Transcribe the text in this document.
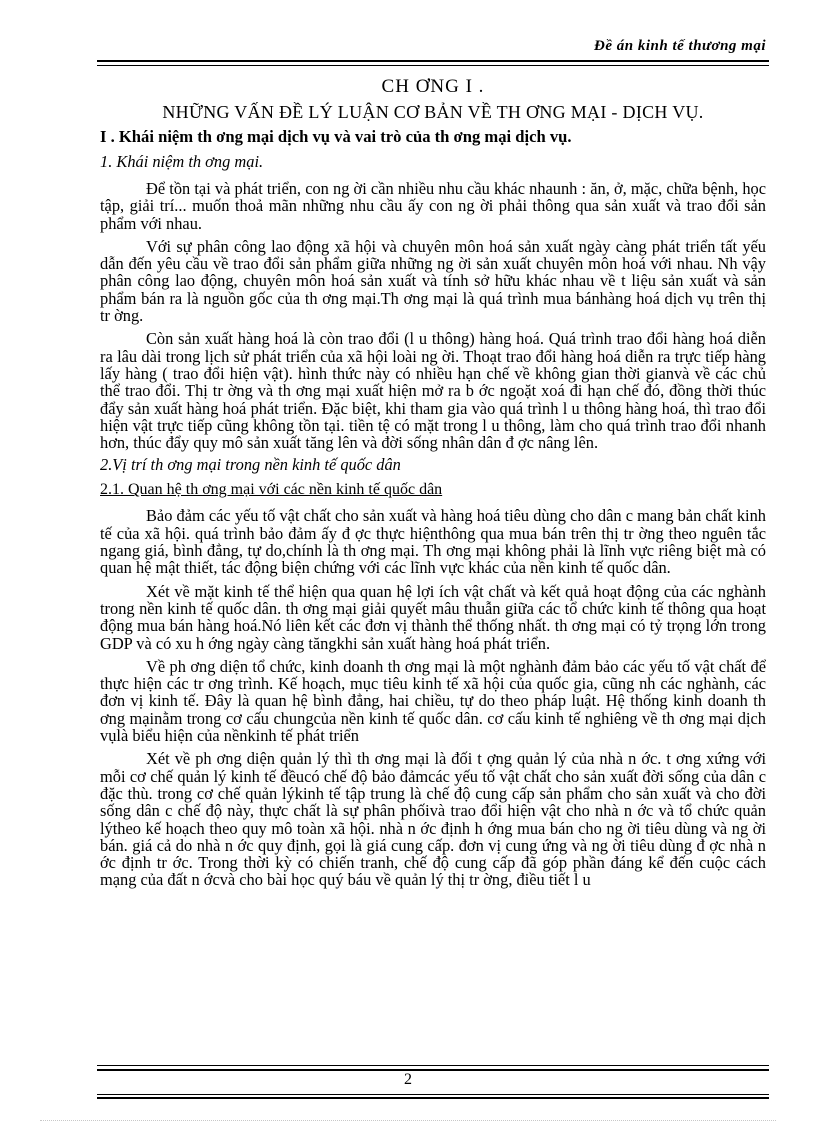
Đề án kinh tế thương mại
CH ƠNG I .
NHỮNG VẤN ĐỀ LÝ LUẬN CƠ BẢN VỀ TH ƠNG MẠI - DỊCH VỤ.
I . Khái niệm th ơng mại dịch vụ và vai trò của th ơng mại dịch vụ.
1. Khái niệm th ơng mại.

Để tồn tại và phát triển, con ng ời cần nhiều nhu cầu khác nhaunh : ăn, ở, mặc, chữa bệnh, học tập, giải trí... muốn thoả mãn những nhu cầu ấy con ng ời phải thông qua sản xuất và trao đổi sản phẩm với nhau.

Với sự phân công lao động xã hội và chuyên môn hoá sản xuất ngày càng phát triển tất yếu dẫn đến yêu cầu về trao đổi sản phẩm giữa những ng ời sản xuất chuyên môn hoá với nhau. Nh vậy phân công lao động, chuyên môn hoá sản xuất và tính sở hữu khác nhau về t liệu sản xuất và sản phẩm bán ra là nguồn gốc của th ơng mại.Th ơng mại là quá trình mua bánhàng hoá dịch vụ trên thị tr ờng.

Còn sản xuất hàng hoá là còn trao đổi (l u thông) hàng hoá. Quá trình trao đổi hàng hoá diễn ra lâu dài trong lịch sử phát triển của xã hội loài ng ời. Thoạt trao đổi hàng hoá diễn ra trực tiếp hàng lấy hàng ( trao đổi hiện vật). hình thức này có nhiều hạn chế về không gian thời gianvà về các chủ thể trao đổi. Thị tr ờng và th ơng mại xuất hiện mở ra b ớc ngoặt xoá đi hạn chế đó, đồng thời thúc đẩy sản xuất hàng hoá phát triển. Đặc biệt, khi tham gia vào quá trình l u thông hàng hoá, thì trao đổi hiện vật trực tiếp cũng không tồn tại. tiền tệ có mặt trong l u thông, làm cho quá trình trao đổi nhanh hơn, thúc đẩy quy mô sản xuất tăng lên và đời sống nhân dân đ ợc nâng lên.

2.Vị trí th ơng mại trong nền kinh tế quốc dân
2.1. Quan hệ th ơng mại với các nền kinh tế quốc dân

Bảo đảm các yếu tố vật chất cho sản xuất và hàng hoá tiêu dùng cho dân c mang bản chất kinh tế của xã hội. quá trình bảo đảm ấy đ ợc thực hiệnthông qua mua bán trên thị tr ờng theo nguên tắc ngang giá, bình đẳng, tự do,chính là th ơng mại. Th ơng mại không phải là lĩnh vực riêng biệt mà có quan hệ mật thiết, tác động biện chứng với các lĩnh vực khác của nền kinh tế quốc dân.

Xét về mặt kinh tế thể hiện qua quan hệ lợi ích vật chất và kết quả hoạt động của các nghành trong nền kinh tế quốc dân. th ơng mại giải quyết mâu thuẫn giữa các tổ chức kinh tế thông qua hoạt động mua bán hàng hoá.Nó liên kết các đơn vị thành thể thống nhất. th ơng mại có tỷ trọng lớn trong GDP và có xu h ớng ngày càng tăngkhi sản xuất hàng hoá phát triển.

Về ph ơng diện tổ chức, kinh doanh th ơng mại là một nghành đảm bảo các yếu tố vật chất để thực hiện các tr ơng trình. Kế hoạch, mục tiêu kinh tế xã hội của quốc gia, cũng nh các nghành, các đơn vị kinh tế. Đây là quan hệ bình đẳng, hai chiều, tự do theo pháp luật. Hệ thống kinh doanh th ơng mạinằm trong cơ cấu chungcủa nền kinh tế quốc dân. cơ cấu kinh tế nghiêng về th ơng mại dịch vụlà biểu hiện của nềnkinh tế phát triển

Xét về ph ơng diện quản lý thì th ơng mại là đối t ợng quản lý của nhà n ớc. t ơng xứng với mỗi cơ chế quản lý kinh tế đềucó chế độ bảo đảmcác yếu tố vật chất cho sản xuất đời sống của dân c đặc thù. trong cơ chế quản lýkinh tế tập trung là chế độ cung cấp sản phẩm cho sản xuất và cho đời sống dân c chế độ này, thực chất là sự phân phốivà trao đổi hiện vật cho nhà n ớc và tổ chức quản lýtheo kế hoạch theo quy mô toàn xã hội. nhà n ớc định h ớng mua bán cho ng ời tiêu dùng và ng ời bán. giá cả do nhà n ớc quy định, gọi là giá cung cấp. đơn vị cung ứng và ng ời tiêu dùng đ ợc nhà n ớc định tr ớc. Trong thời kỳ có chiến tranh, chế độ cung cấp đã góp phần đáng kể đến cuộc cách mạng của đất n ớcvà cho bài học quý báu về quản lý thị tr ờng, điều tiết l u

2
